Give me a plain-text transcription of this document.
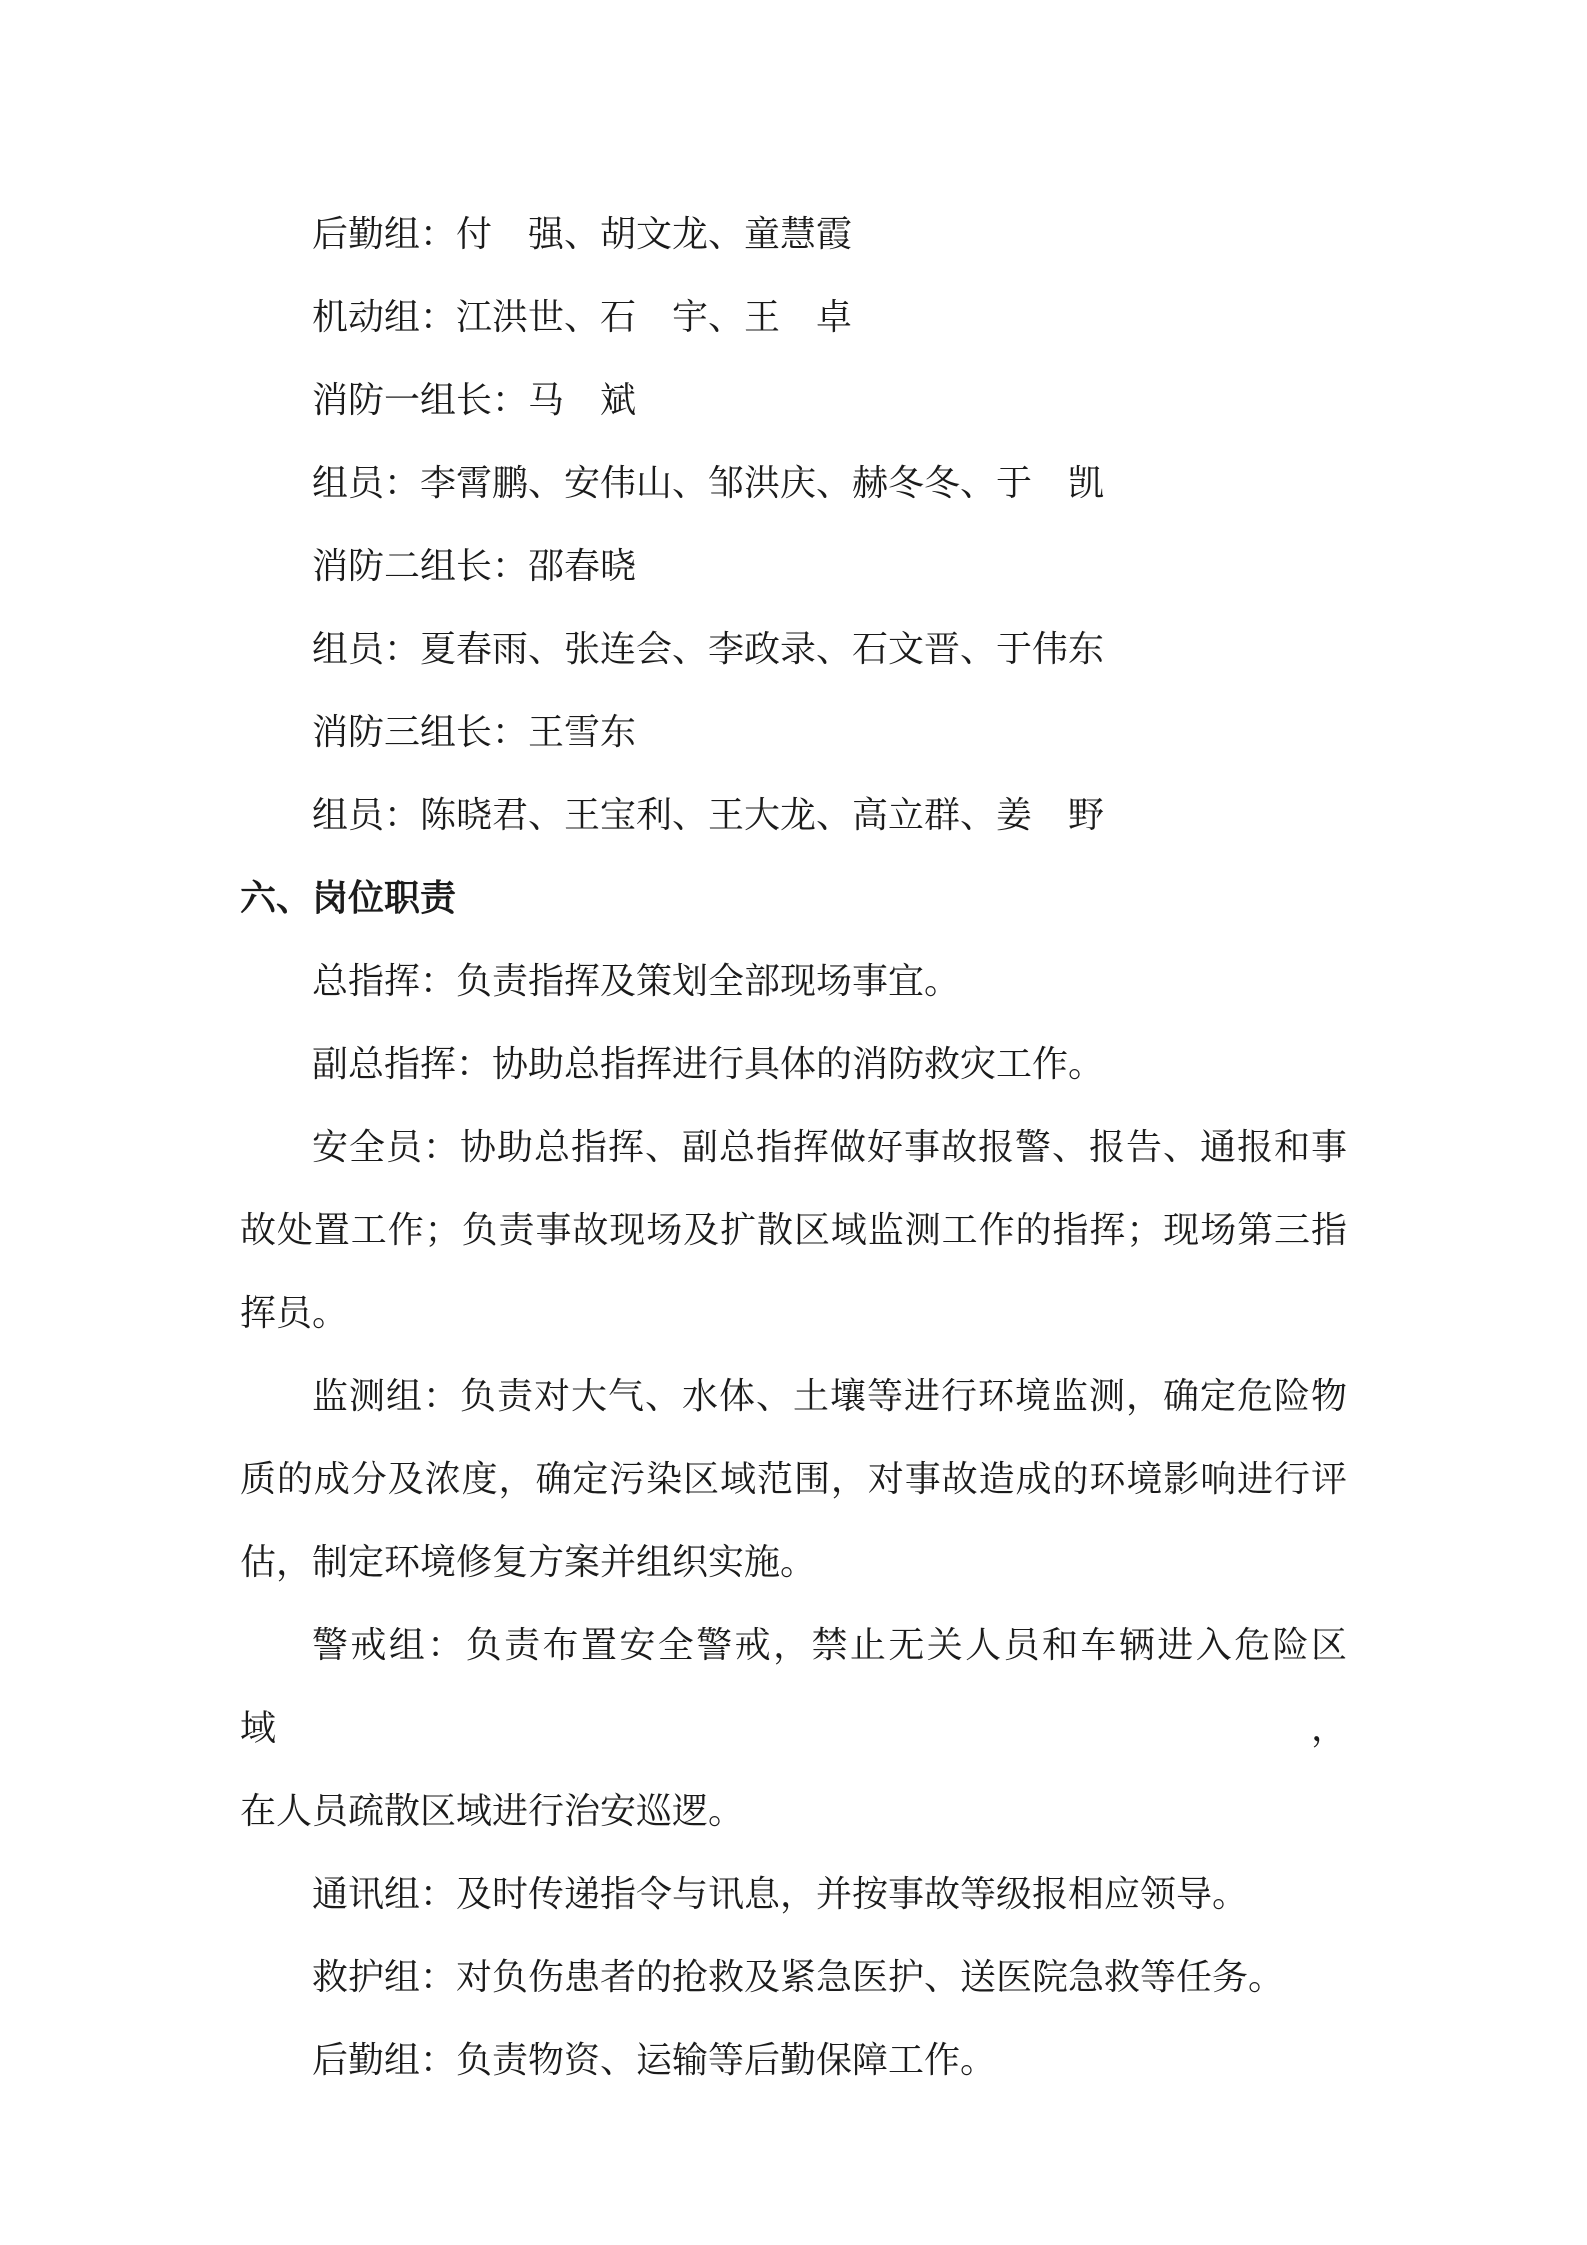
后勤组：付　强、胡文龙、童慧霞
机动组：江洪世、石　宇、王　卓
消防一组长：马　斌
组员：李霄鹏、安伟山、邹洪庆、赫冬冬、于　凯
消防二组长：邵春晓
组员：夏春雨、张连会、李政录、石文晋、于伟东
消防三组长：王雪东
组员：陈晓君、王宝利、王大龙、高立群、姜　野
六、岗位职责
总指挥：负责指挥及策划全部现场事宜。
副总指挥：协助总指挥进行具体的消防救灾工作。
安全员：协助总指挥、副总指挥做好事故报警、报告、通报和事
故处置工作；负责事故现场及扩散区域监测工作的指挥；现场第三指
挥员。
监测组：负责对大气、水体、土壤等进行环境监测，确定危险物
质的成分及浓度，确定污染区域范围，对事故造成的环境影响进行评
估，制定环境修复方案并组织实施。
警戒组：负责布置安全警戒，禁止无关人员和车辆进入危险区域，
在人员疏散区域进行治安巡逻。
通讯组：及时传递指令与讯息，并按事故等级报相应领导。
救护组：对负伤患者的抢救及紧急医护、送医院急救等任务。
后勤组：负责物资、运输等后勤保障工作。
